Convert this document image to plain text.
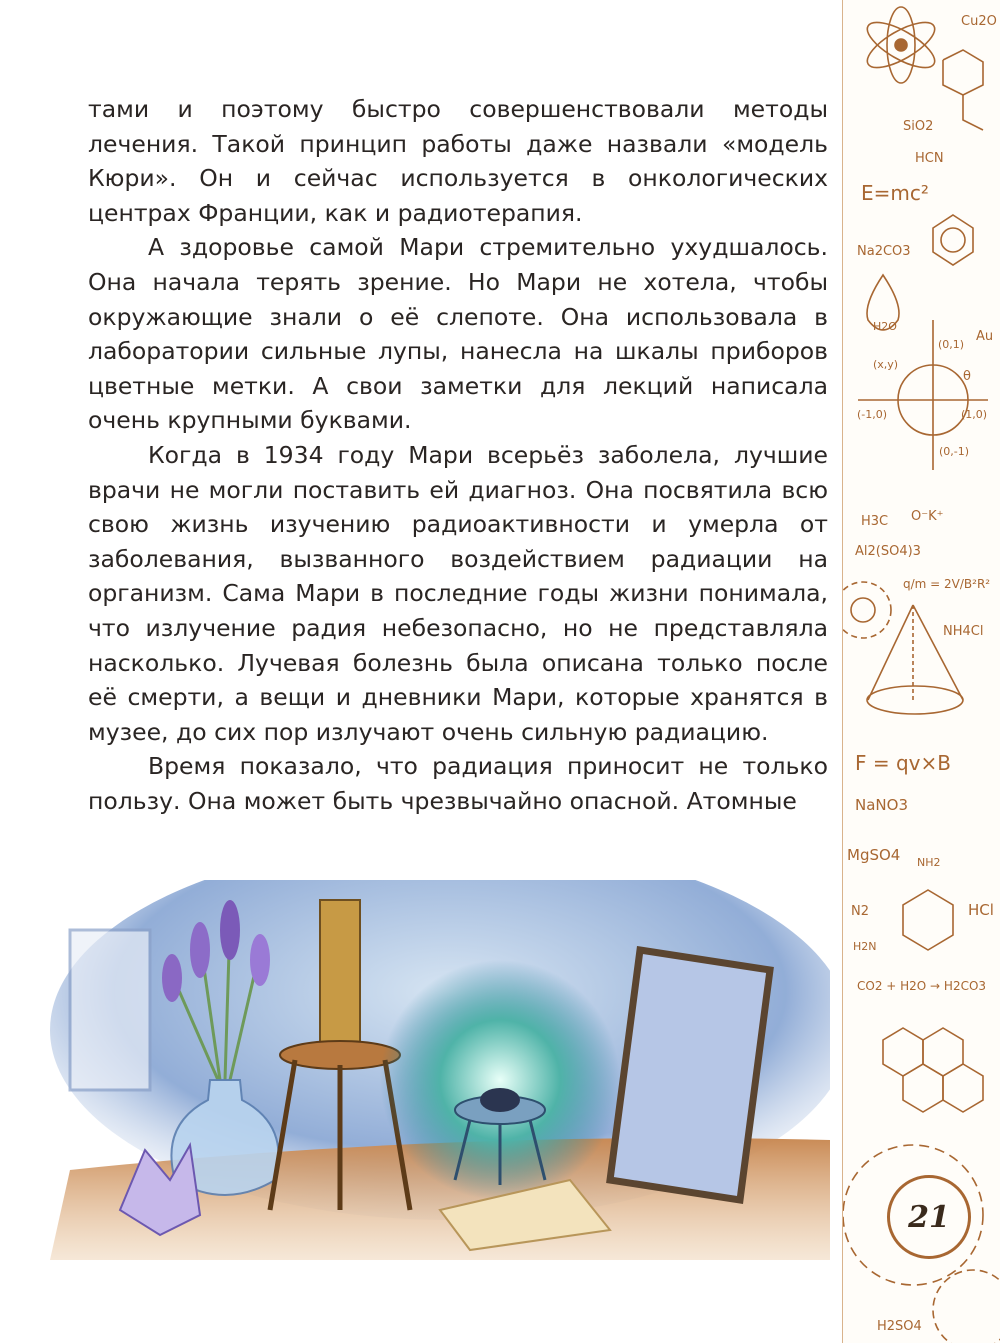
тами и поэтому быстро совершенствовали методы лечения. Такой принцип работы даже назвали «модель Кюри». Он и сейчас используется в онкологических центрах Франции, как и радиотерапия.

А здоровье самой Мари стремительно ухудшалось. Она начала терять зрение. Но Мари не хотела, чтобы окружающие знали о её слепоте. Она использовала в лаборатории сильные лупы, нанесла на шкалы приборов цветные метки. А свои заметки для лекций написала очень крупными буквами.

Когда в 1934 году Мари всерьёз заболела, лучшие врачи не могли поставить ей диагноз. Она посвятила всю свою жизнь изучению радиоактивности и умерла от заболевания, вызванного воздействием радиации на организм. Сама Мари в последние годы жизни понимала, что излучение радия небезопасно, но не представляла насколько. Лучевая болезнь была описана только после её смерти, а вещи и дневники Мари, которые хранятся в музее, до сих пор излучают очень сильную радиацию.

Время показало, что радиация приносит не только пользу. Она может быть чрезвычайно опасной. Атомные

Cu2O
SiO2
HCN
E=mc²
Na2CO3
H2O
Au
(x,y)
(0,1)
θ
(-1,0)	(1,0)
(0,-1)
H3C O⁻K⁺
Al2(SO4)3
q/m = 2V/B²R²
NH4Cl
F = qv×B
NaNO3
MgSO4 NH2
N2
H2N
HCl
CO2 + H2O → H2CO3
H2SO4
21
